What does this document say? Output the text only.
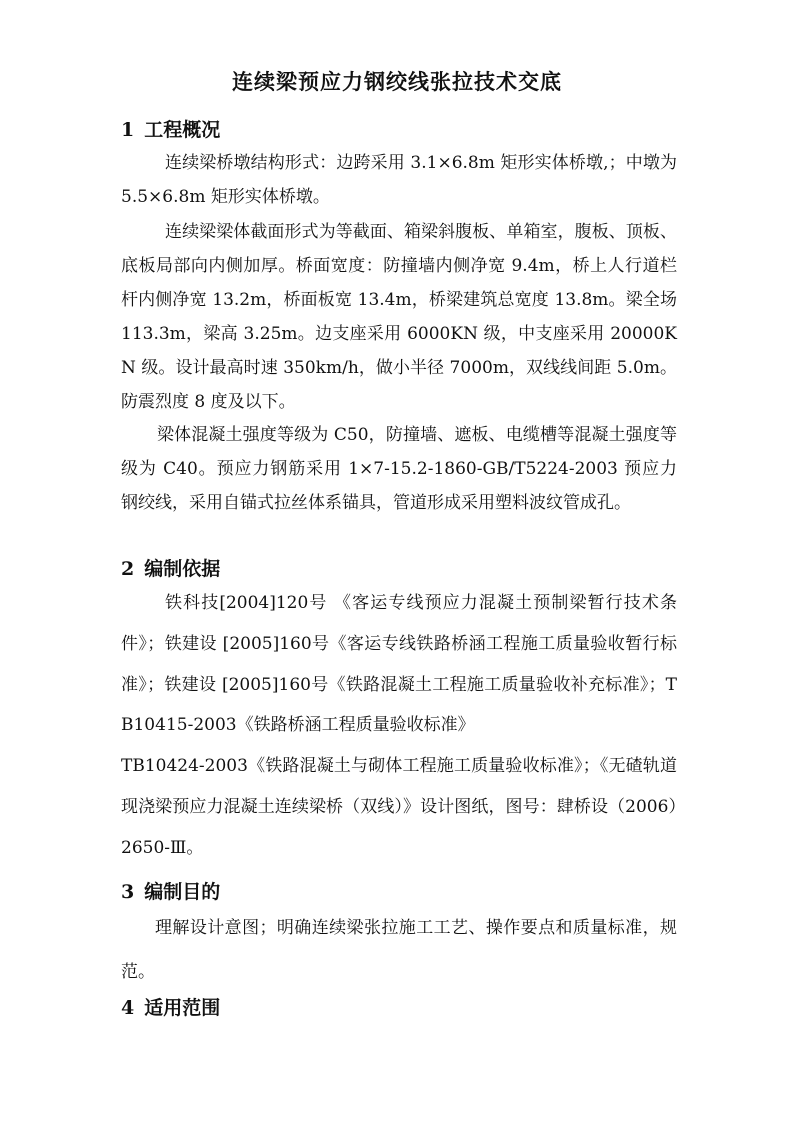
连续梁预应力钢绞线张拉技术交底
1 工程概况
连续梁桥墩结构形式：边跨采用 3.1×6.8m 矩形实体桥墩,；中墩为 5.5×6.8m 矩形实体桥墩。
连续梁梁体截面形式为等截面、箱梁斜腹板、单箱室，腹板、顶板、底板局部向内侧加厚。桥面宽度：防撞墙内侧净宽 9.4m，桥上人行道栏杆内侧净宽 13.2m，桥面板宽 13.4m，桥梁建筑总宽度 13.8m。梁全场 113.3m，梁高 3.25m。边支座采用 6000KN 级，中支座采用 20000KN 级。设计最高时速 350km/h，做小半径 7000m，双线线间距 5.0m。防震烈度 8 度及以下。
梁体混凝土强度等级为 C50，防撞墙、遮板、电缆槽等混凝土强度等级为 C40。预应力钢筋采用 1×7-15.2-1860-GB/T5224-2003 预应力钢绞线，采用自锚式拉丝体系锚具，管道形成采用塑料波纹管成孔。
2 编制依据
铁科技[2004]120号 《客运专线预应力混凝土预制梁暂行技术条件》；铁建设 [2005]160号《客运专线铁路桥涵工程施工质量验收暂行标准》；铁建设 [2005]160号《铁路混凝土工程施工质量验收补充标准》；TB10415-2003《铁路桥涵工程质量验收标准》
TB10424-2003《铁路混凝土与砌体工程施工质量验收标准》；《无碴轨道现浇梁预应力混凝土连续梁桥（双线）》设计图纸，图号：肆桥设（2006）2650-Ⅲ。
3 编制目的
理解设计意图；明确连续梁张拉施工工艺、操作要点和质量标准，规范。
4 适用范围
